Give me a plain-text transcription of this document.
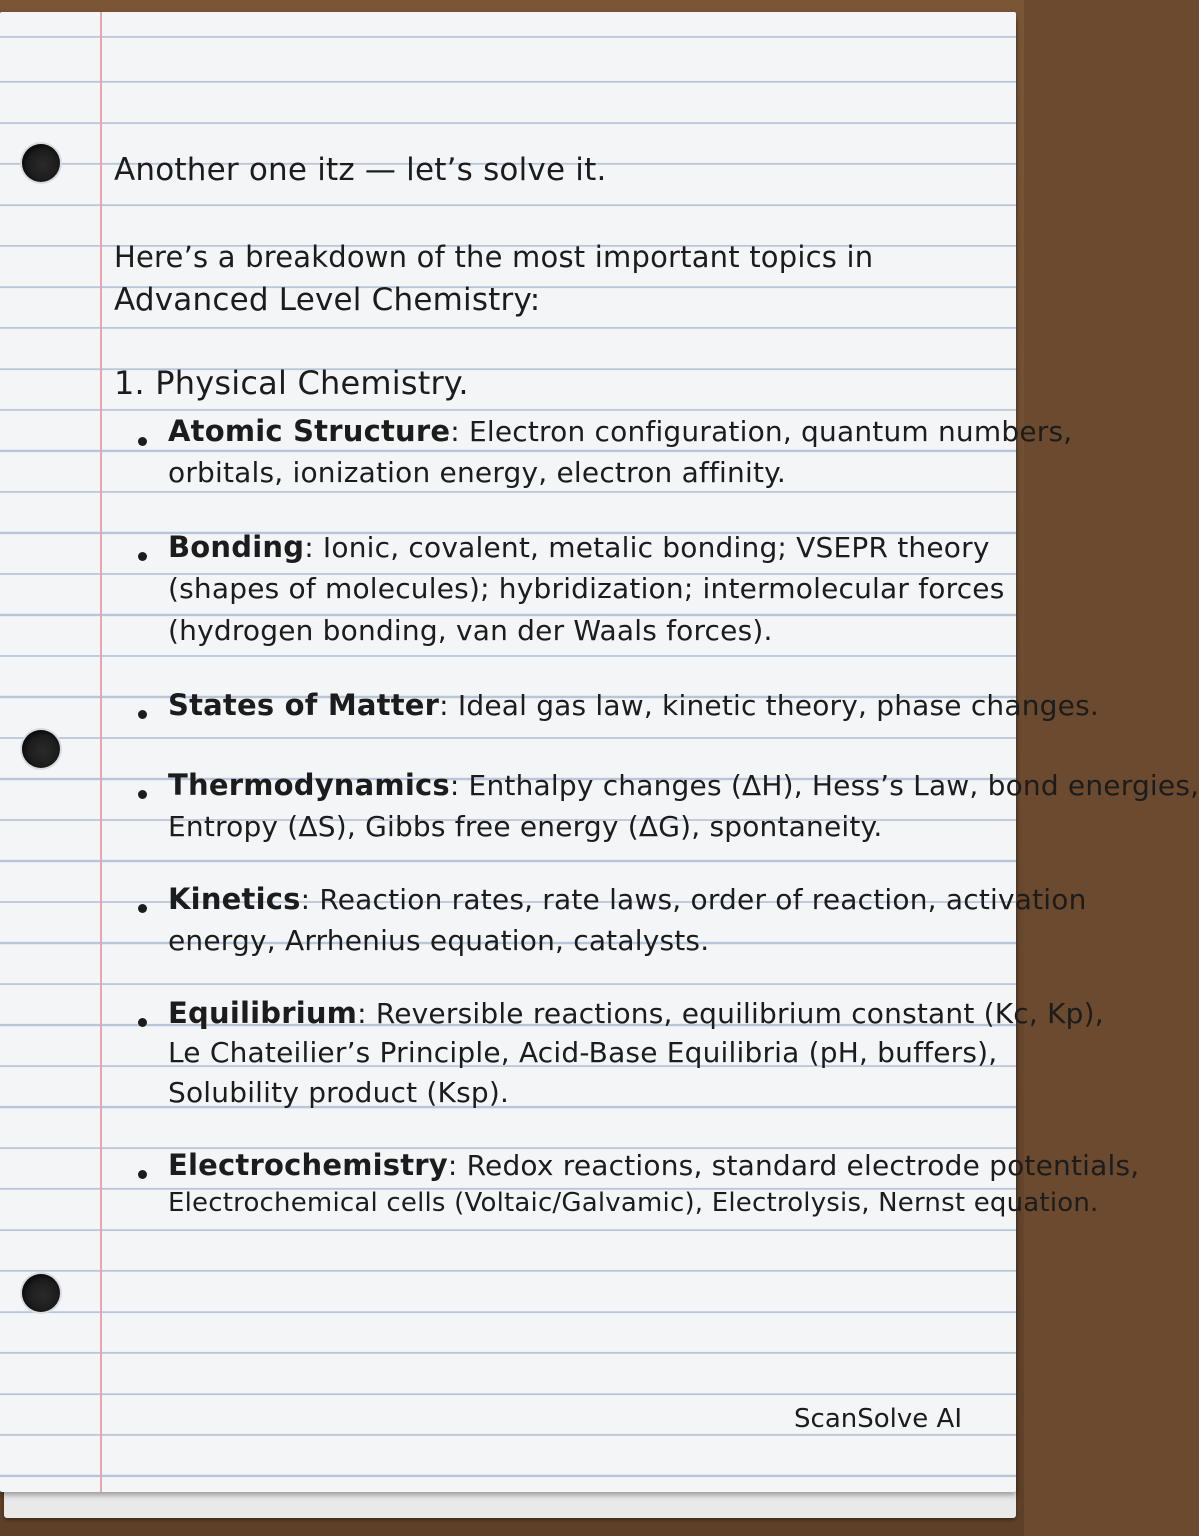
Another one itz — let’s solve it.
Here’s a breakdown of the most important topics in
Advanced Level Chemistry:
1. Physical Chemistry.
Atomic Structure: Electron configuration, quantum numbers,
orbitals, ionization energy, electron affinity.
Bonding: Ionic, covalent, metalic bonding; VSEPR theory
(shapes of molecules); hybridization; intermolecular forces
(hydrogen bonding, van der Waals forces).
States of Matter: Ideal gas law, kinetic theory, phase changes.
Thermodynamics: Enthalpy changes (ΔH), Hess’s Law, bond energies,
Entropy (ΔS), Gibbs free energy (ΔG), spontaneity.
Kinetics: Reaction rates, rate laws, order of reaction, activation
energy, Arrhenius equation, catalysts.
Equilibrium: Reversible reactions, equilibrium constant (Kc, Kp),
Le Chateilier’s Principle, Acid-Base Equilibria (pH, buffers),
Solubility product (Ksp).
Electrochemistry: Redox reactions, standard electrode potentials,
Electrochemical cells (Voltaic/Galvamic), Electrolysis, Nernst equation.
ScanSolve AI
